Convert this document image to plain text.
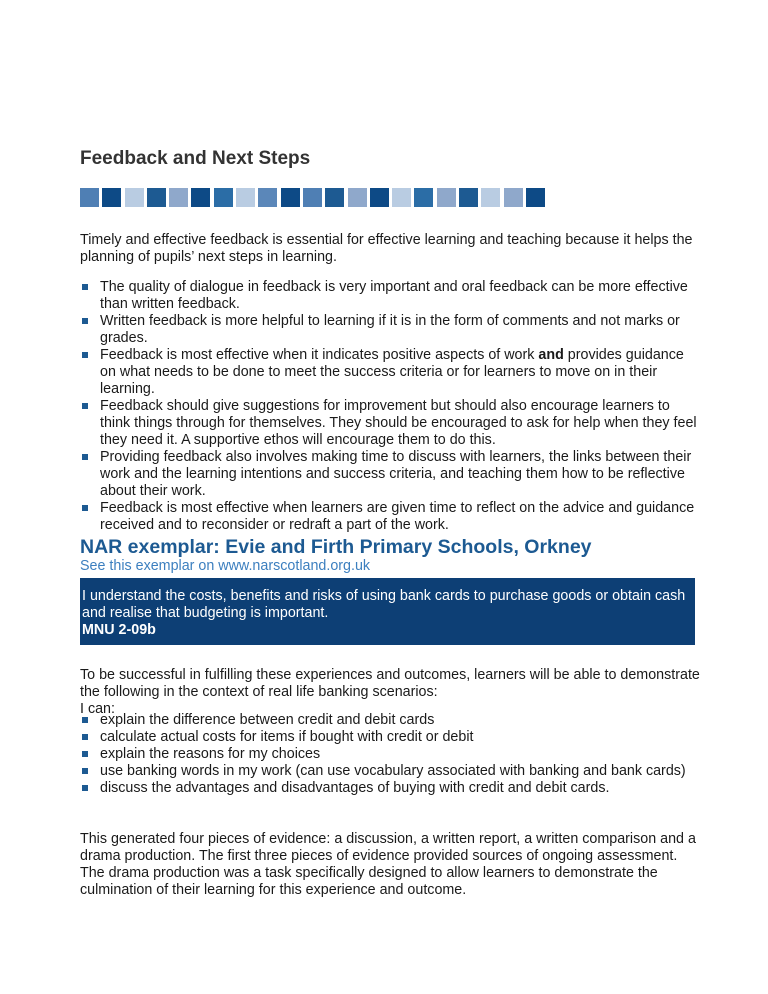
Feedback and Next Steps

Timely and effective feedback is essential for effective learning and teaching because it helps the planning of pupils’ next steps in learning.

The quality of dialogue in feedback is very important and oral feedback can be more effective than written feedback.
Written feedback is more helpful to learning if it is in the form of comments and not marks or grades.
Feedback is most effective when it indicates positive aspects of work and provides guidance on what needs to be done to meet the success criteria or for learners to move on in their learning.
Feedback should give suggestions for improvement but should also encourage learners to think things through for themselves. They should be encouraged to ask for help when they feel they need it. A supportive ethos will encourage them to do this.
Providing feedback also involves making time to discuss with learners, the links between their work and the learning intentions and success criteria, and teaching them how to be reflective about their work.
Feedback is most effective when learners are given time to reflect on the advice and guidance received and to reconsider or redraft a part of the work.
NAR exemplar: Evie and Firth Primary Schools, Orkney
See this exemplar on www.narscotland.org.uk
I understand the costs, benefits and risks of using bank cards to purchase goods or obtain cash and realise that budgeting is important.
MNU 2-09b

To be successful in fulfilling these experiences and outcomes, learners will be able to demonstrate the following in the context of real life banking scenarios:
I can:

explain the difference between credit and debit cards
calculate actual costs for items if bought with credit or debit
explain the reasons for my choices
use banking words in my work (can use vocabulary associated with banking and bank cards)
discuss the advantages and disadvantages of buying with credit and debit cards.

This generated four pieces of evidence: a discussion, a written report, a written comparison and a drama production. The first three pieces of evidence provided sources of ongoing assessment. The drama production was a task specifically designed to allow learners to demonstrate the culmination of their learning for this experience and outcome.
